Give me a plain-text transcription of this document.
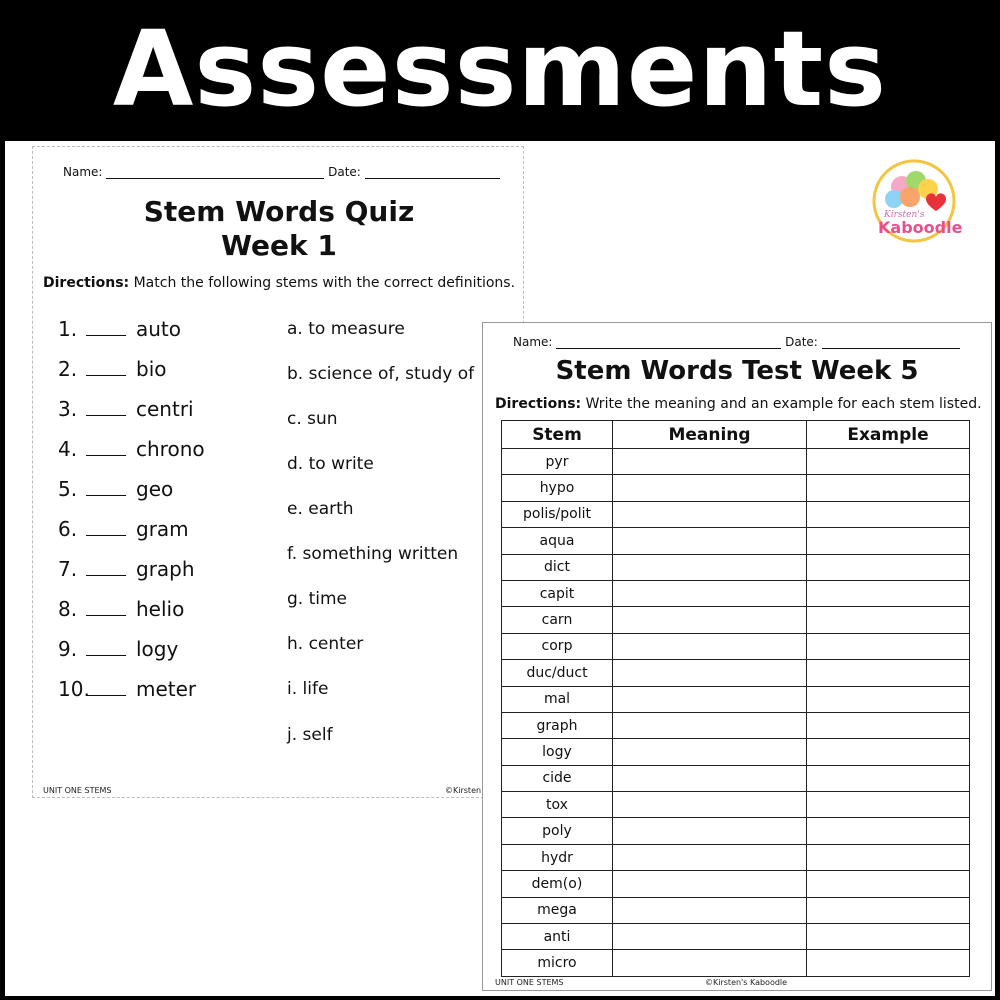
Assessments
Kirsten's
Kaboodle
Name:	Date:
Stem Words Quiz
Week 1
Directions: Match the following stems with the correct definitions.
1.	auto
2.	bio
3.	centri
4.	chrono
5.	geo
6.	gram
7.	graph
8.	helio
9.	logy
10. meter
a. to measure
b. science of, study of
c. sun
d. to write
e. earth
f. something written
g. time
h. center
i. life
j. self
UNIT ONE STEMS	©Kirsten
Name:	Date:
Stem Words Test Week 5
Directions: Write the meaning and an example for each stem listed.
Stem	Meaning	Example
pyr		
hypo		
polis/polit		
aqua		
dict		
capit		
carn		
corp		
duc/duct		
mal		
graph		
logy		
cide		
tox		
poly		
hydr		
dem(o)		
mega		
anti		
micro		
UNIT ONE STEMS	©Kirsten's Kaboodle
